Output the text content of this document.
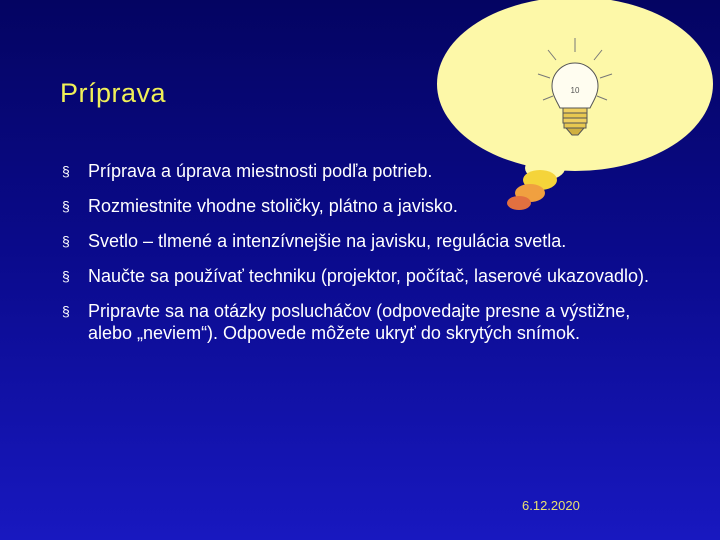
10
Príprava
§ Príprava a úprava miestnosti podľa potrieb.
§ Rozmiestnite vhodne stoličky, plátno a javisko.
§ Svetlo – tlmené a intenzívnejšie na javisku, regulácia svetla.
§ Naučte sa používať techniku (projektor, počítač, laserové ukazovadlo).
§ Pripravte sa na otázky poslucháčov (odpovedajte presne a výstižne, alebo „neviem“). Odpovede môžete ukryť do skrytých snímok.
6.12.2020
